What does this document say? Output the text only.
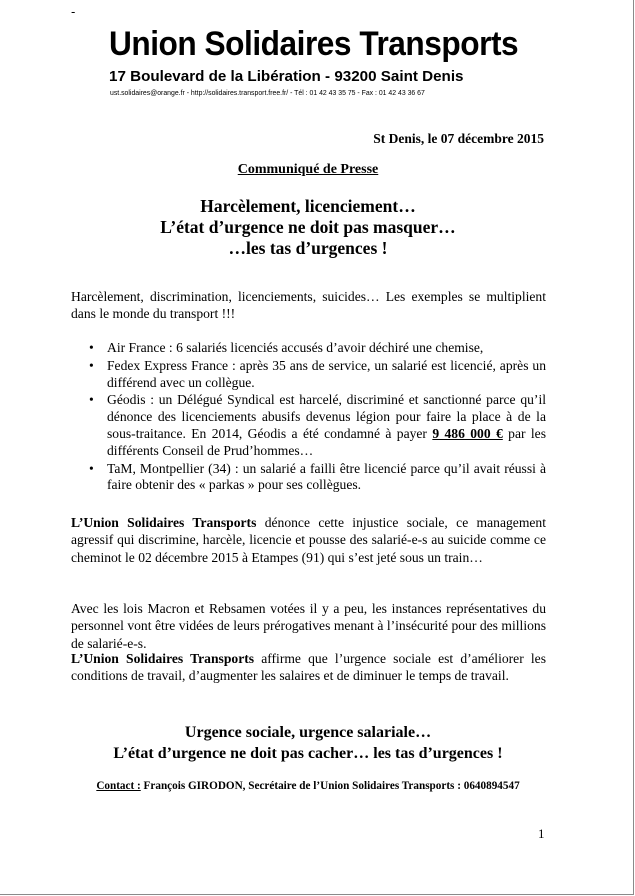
-
Union Solidaires Transports
17 Boulevard de la Libération - 93200 Saint Denis
ust.solidaires@orange.fr - http://solidaires.transport.free.fr/ - Tél : 01 42 43 35 75 - Fax : 01 42 43 36 67
St Denis, le 07 décembre 2015
Communiqué de Presse
Harcèlement, licenciement…
L’état d’urgence ne doit pas masquer…
…les tas d’urgences !
Harcèlement, discrimination, licenciements, suicides… Les exemples se multiplient dans le monde du transport !!!
• Air France : 6 salariés licenciés accusés d’avoir déchiré une chemise,
• Fedex Express France : après 35 ans de service, un salarié est licencié, après un différend avec un collègue.
• Géodis : un Délégué Syndical est harcelé, discriminé et sanctionné parce qu’il dénonce des licenciements abusifs devenus légion pour faire la place à de la sous-traitance. En 2014, Géodis a été condamné à payer 9 486 000 € par les différents Conseil de Prud’hommes…
• TaM, Montpellier (34) : un salarié a failli être licencié parce qu’il avait réussi à faire obtenir des « parkas » pour ses collègues.
L’Union Solidaires Transports dénonce cette injustice sociale, ce management agressif qui discrimine, harcèle, licencie et pousse des salarié-e-s au suicide comme ce cheminot le 02 décembre 2015 à Etampes (91) qui s’est jeté sous un train…
Avec les lois Macron et Rebsamen votées il y a peu, les instances représentatives du personnel vont être vidées de leurs prérogatives menant à l’insécurité pour des millions de salarié-e-s.
L’Union Solidaires Transports affirme que l’urgence sociale est d’améliorer les conditions de travail, d’augmenter les salaires et de diminuer le temps de travail.
Urgence sociale, urgence salariale…
L’état d’urgence ne doit pas cacher… les tas d’urgences !
Contact : François GIRODON, Secrétaire de l’Union Solidaires Transports : 0640894547
1
